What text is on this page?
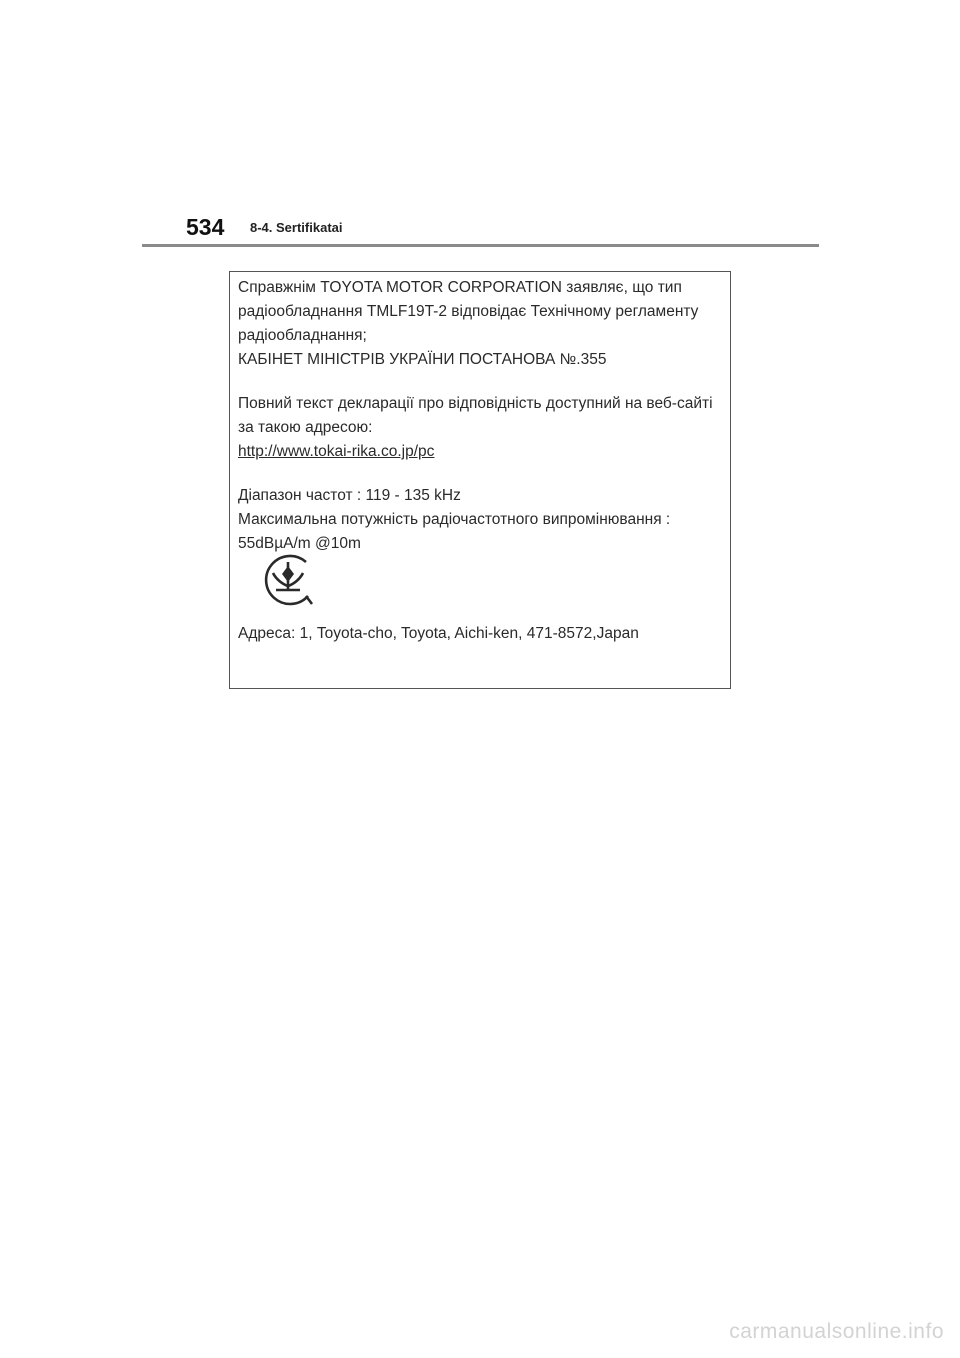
534 8-4. Sertifikatai

Справжнім TOYOTA MOTOR CORPORATION заявляє, що тип

радіообладнання TMLF19T-2 відповідає Технічному регламенту

радіообладнання;

КАБІНЕТ МІНІСТРІВ УКРАЇНИ ПОСТАНОВА №.355

Повний текст декларації про відповідність доступний на веб-сайті

за такою адресою:

http://www.tokai-rika.co.jp/pc

Діапазон частот : 119 - 135 kHz

Максимальна потужність радіочастотного випромінювання :

55dBµA/m @10m

Адреса: 1, Toyota-cho, Toyota, Aichi-ken, 471-8572,Japan
carmanualsonline.info
